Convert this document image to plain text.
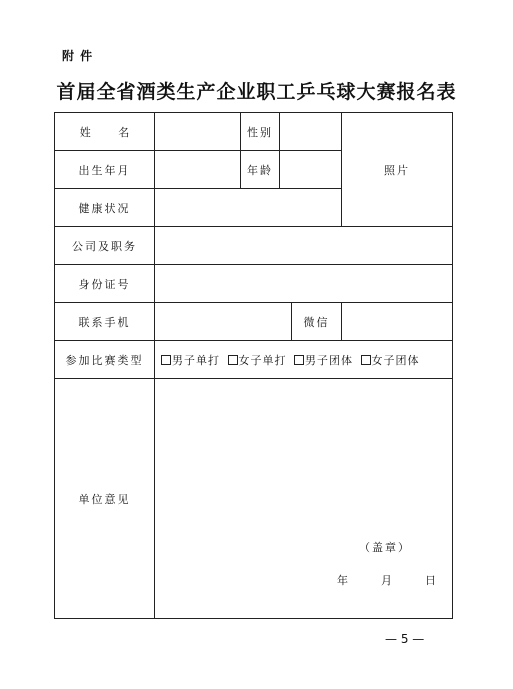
附 件
首届全省酒类生产企业职工乒乓球大赛报名表
姓 名		性别			照片
出生年月		年龄			
健康状况					
公司及职务					
身份证号					
联系手机				微信	
参加比赛类型	男子单打 女子单打 男子团体 女子团体				
单位意见	（盖章）
年 月 日				
— 5 —
